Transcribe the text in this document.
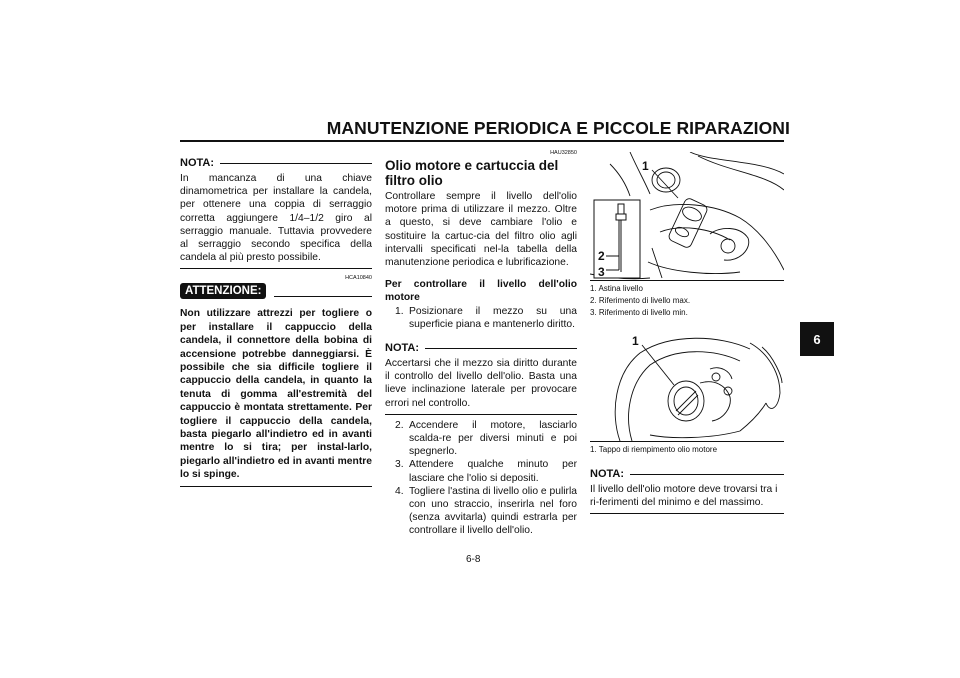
MANUTENZIONE PERIODICA E PICCOLE RIPARAZIONI
6
NOTA:
In mancanza di una chiave dinamometrica per installare la candela, per ottenere una coppia di serraggio corretta aggiungere 1/4–1/2 giro al serraggio manuale. Tuttavia provvedere al serraggio secondo specifica della candela al più presto possibile.
HCA10840
ATTENZIONE:
Non utilizzare attrezzi per togliere o per installare il cappuccio della candela, il connettore della bobina di accensione potrebbe danneggiarsi. È possibile che sia difficile togliere il cappuccio della candela, in quanto la tenuta di gomma all'estremità del cappuccio è montata strettamente. Per togliere il cappuccio della candela, basta piegarlo all'indietro ed in avanti mentre lo si tira; per instal-larlo, piegarlo all'indietro ed in avanti mentre lo si spinge.
HAU32850
Olio motore e cartuccia del filtro olio
Controllare sempre il livello dell'olio motore prima di utilizzare il mezzo. Oltre a questo, si deve cambiare l'olio e sostituire la cartuc-cia del filtro olio agli intervalli specificati nel-la tabella della manutenzione periodica e lubrificazione.
Per controllare il livello dell'olio motore
1. Posizionare il mezzo su una superficie piana e mantenerlo diritto.
NOTA:
Accertarsi che il mezzo sia diritto durante il controllo del livello dell'olio. Basta una lieve inclinazione laterale per provocare errori nel controllo.
2. Accendere il motore, lasciarlo scalda-re per diversi minuti e poi spegnerlo.
3. Attendere qualche minuto per lasciare che l'olio si depositi.
4. Togliere l'astina di livello olio e pulirla con uno straccio, inserirla nel foro (senza avvitarla) quindi estrarla per controllare il livello dell'olio.
1
2
3
1. Astina livello
2. Riferimento di livello max.
3. Riferimento di livello min.
1
1. Tappo di riempimento olio motore
NOTA:
Il livello dell'olio motore deve trovarsi tra i ri-ferimenti del minimo e del massimo.
6-8
